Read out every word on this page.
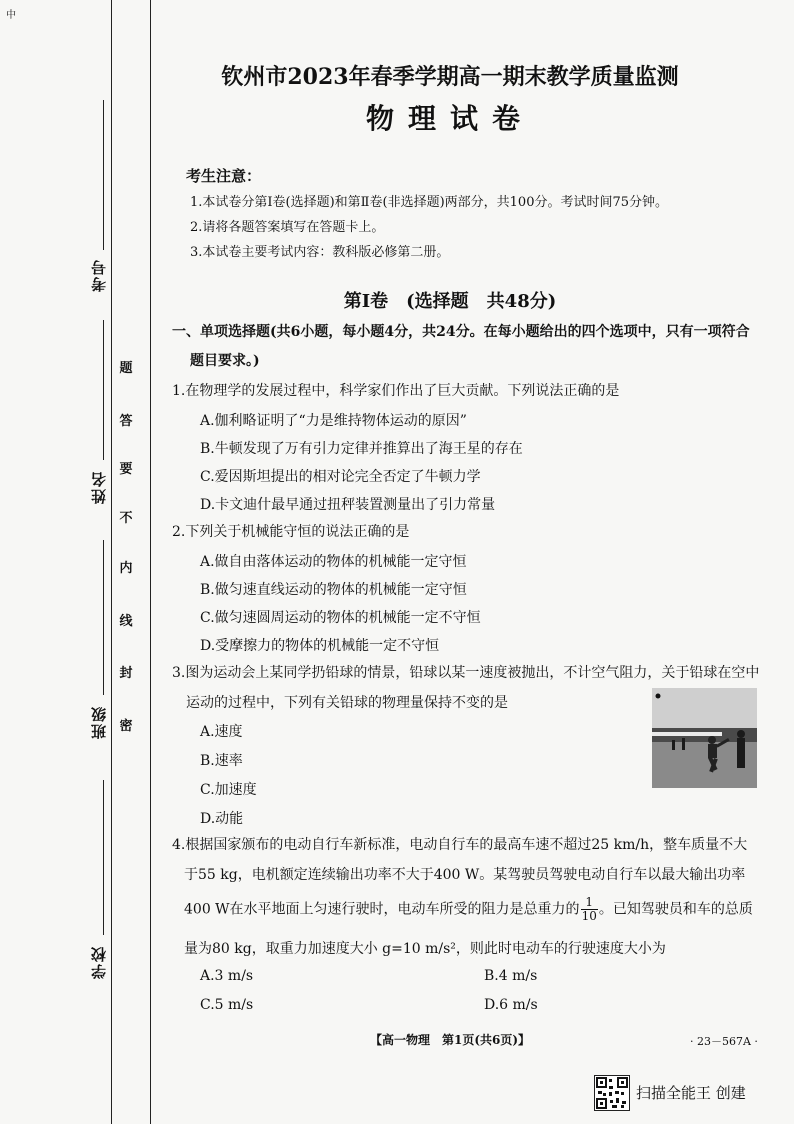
中
考号
姓名
班级
学校
题
答
要
不
内
线
封
密
钦州市2023年春季学期高一期末教学质量监测
物理试卷
考生注意：
1.本试卷分第Ⅰ卷(选择题)和第Ⅱ卷(非选择题)两部分，共100分。考试时间75分钟。
2.请将各题答案填写在答题卡上。
3.本试卷主要考试内容：教科版必修第二册。
第Ⅰ卷　(选择题　共48分)
一、单项选择题(共6小题，每小题4分，共24分。在每小题给出的四个选项中，只有一项符合
题目要求。)
1.在物理学的发展过程中，科学家们作出了巨大贡献。下列说法正确的是
A.伽利略证明了“力是维持物体运动的原因”
B.牛顿发现了万有引力定律并推算出了海王星的存在
C.爱因斯坦提出的相对论完全否定了牛顿力学
D.卡文迪什最早通过扭秤装置测量出了引力常量
2.下列关于机械能守恒的说法正确的是
A.做自由落体运动的物体的机械能一定守恒
B.做匀速直线运动的物体的机械能一定守恒
C.做匀速圆周运动的物体的机械能一定不守恒
D.受摩擦力的物体的机械能一定不守恒
3.图为运动会上某同学扔铅球的情景，铅球以某一速度被抛出，不计空气阻力，关于铅球在空中
运动的过程中，下列有关铅球的物理量保持不变的是
A.速度
B.速率
C.加速度
D.动能
4.根据国家颁布的电动自行车新标准，电动自行车的最高车速不超过25 km/h，整车质量不大
于55 kg，电机额定连续输出功率不大于400 W。某驾驶员驾驶电动自行车以最大输出功率
400 W在水平地面上匀速行驶时，电动车所受的阻力是总重力的 $\frac{1}{10}$ 。已知驾驶员和车的总质
量为80 kg，取重力加速度大小 g=10 m/s²，则此时电动车的行驶速度大小为
A.3 m/s	B.4 m/s
C.5 m/s	D.6 m/s
【高一物理　第1页(共6页)】	· 23－567A ·
扫描全能王 创建
